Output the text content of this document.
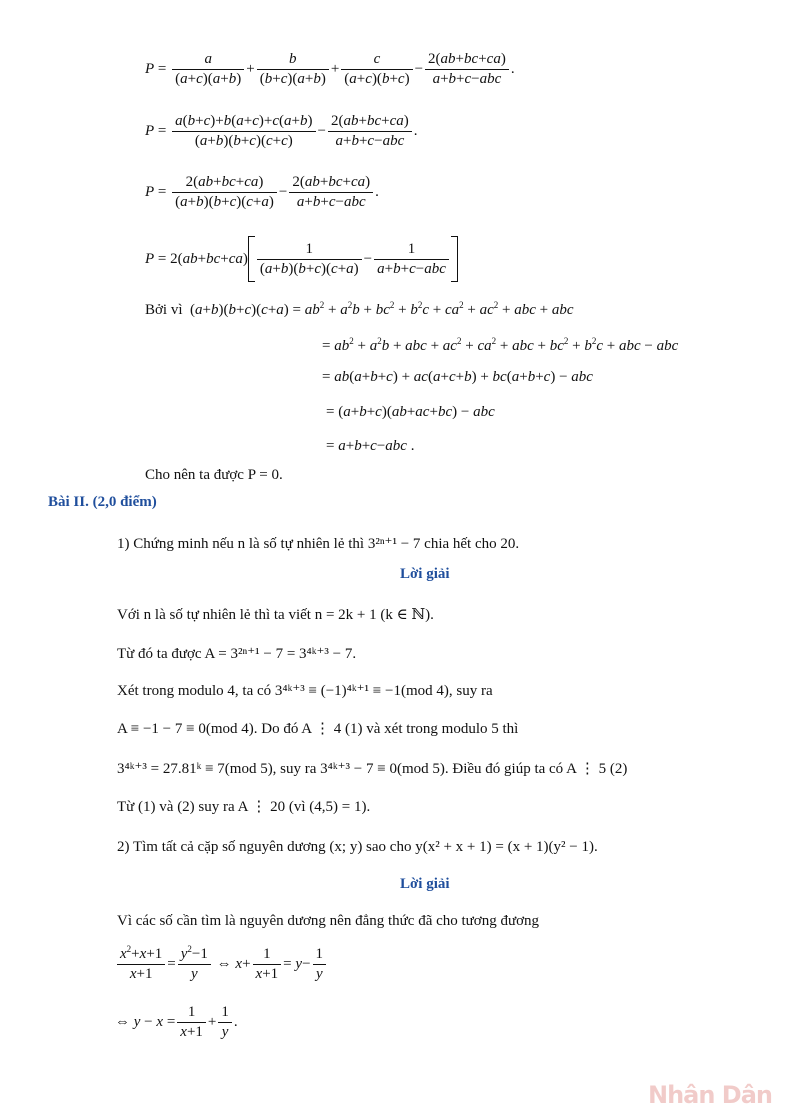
$P = \frac{a}{(a+c)(a+b)} + \frac{b}{(b+c)(a+b)} + \frac{c}{(a+c)(b+c)} - \frac{2(ab+bc+ca)}{\text{a+b+c−abc}}$ .
$P = \frac{a(b+c)+b(a+c)+c(a+b)}{(a+b)(b+c)(c+c)} - \frac{2(ab+bc+ca)}{\text{a+b+c−abc}}$ .
$P = \frac{2(ab+bc+ca)}{(a+b)(b+c)(c+a)} - \frac{2(ab+bc+ca)}{\text{a+b+c−abc}}$ .
P = 2( ab + bc + ca ) $\frac{1}{(a+b)(b+c)(c+a)} - \frac{1}{\text{a+b+c−abc}}$
Bởi vì  $(a+b)(b+c)(c+a) = ab^2 + a^2b + bc^2 + b^2c + ca^2 + ac^2$ + abc + abc
= $ab^2 + a^2b$ + abc + $ac^2 + ca^2$ + abc + $bc^2 + b^2c$ + abc − abc
= ab(a+b+c) + ac(a+c+b) + bc(a+b+c) − abc
= (a+b+c)(ab+ac+bc) − abc
= a+b+c−abc .
Cho nên ta được P = 0.
Bài II. (2,0 điểm)
1) Chứng minh nếu n là số tự nhiên lẻ thì 3²ⁿ⁺¹ − 7 chia hết cho 20.
Lời giải
Với n là số tự nhiên lẻ thì ta viết n = 2k + 1 (k ∈ ℕ).
Từ đó ta được A = 3²ⁿ⁺¹ − 7 = 3⁴ᵏ⁺³ − 7.
Xét trong modulo 4, ta có 3⁴ᵏ⁺³ ≡ (−1)⁴ᵏ⁺¹ ≡ −1(mod 4), suy ra
A ≡ −1 − 7 ≡ 0(mod 4). Do đó A ⋮ 4 (1) và xét trong modulo 5 thì
3⁴ᵏ⁺³ = 27.81ᵏ ≡ 7(mod 5), suy ra 3⁴ᵏ⁺³ − 7 ≡ 0(mod 5). Điều đó giúp ta có A ⋮ 5 (2)
Từ (1) và (2) suy ra A ⋮ 20 (vì (4,5) = 1).
2) Tìm tất cả cặp số nguyên dương (x; y) sao cho y(x² + x + 1) = (x + 1)(y² − 1).
Lời giải
Vì các số cần tìm là nguyên dương nên đẳng thức đã cho tương đương
$\frac{x^2+x+1}{x+1} = \frac{y^2-1}{y}$ ⇔ $x + \frac{1}{x+1} = y - \frac{1}{y}$
⇔ $y - x = \frac{1}{x+1} + \frac{1}{y}$ .
Nhân Dân
